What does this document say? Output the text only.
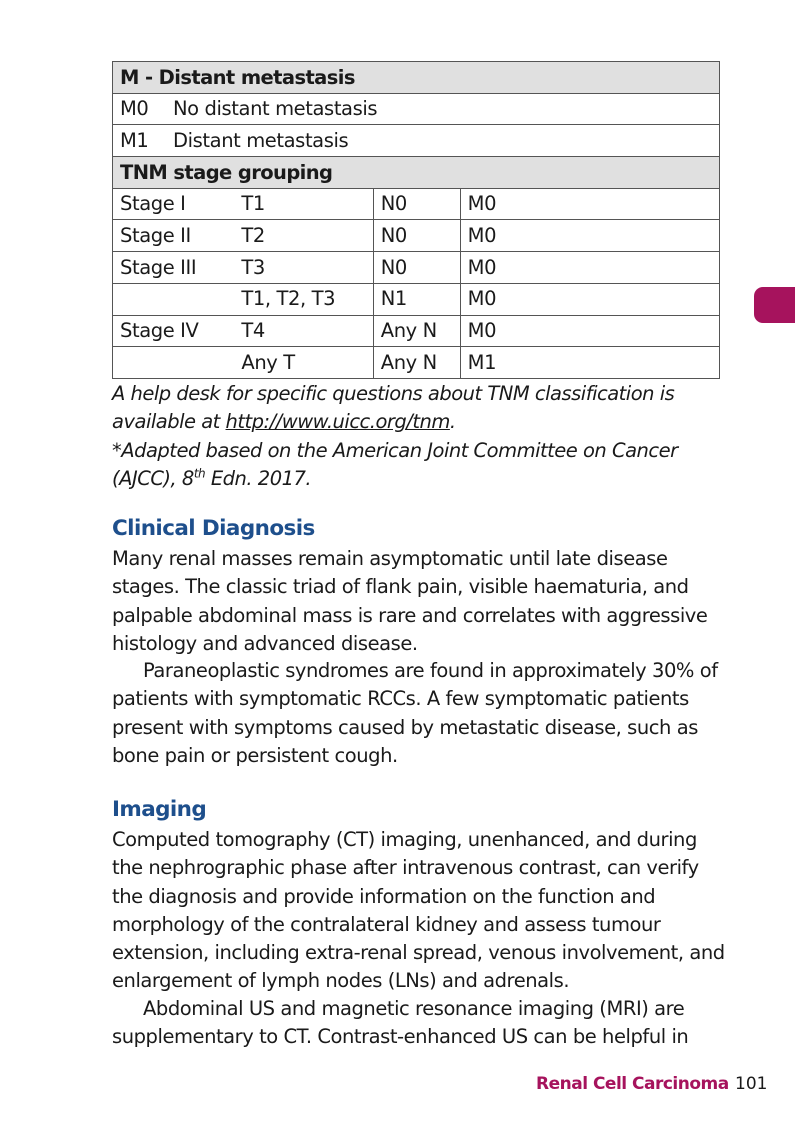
M - Distant metastasis			
M0 No distant metastasis			
M1 Distant metastasis			
TNM stage grouping			
Stage I	T1	N0	M0
Stage II	T2	N0	M0
Stage III	T3	N0	M0
	T1, T2, T3	N1	M0
Stage IV	T4	Any N	M0
	Any T	Any N	M1

A help desk for specific questions about TNM classification is available at http://www.uicc.org/tnm.

*Adapted based on the American Joint Committee on Cancer (AJCC), 8th Edn. 2017.

Clinical Diagnosis

Many renal masses remain asymptomatic until late disease stages. The classic triad of flank pain, visible haematuria, and palpable abdominal mass is rare and correlates with aggressive histology and advanced disease.

Paraneoplastic syndromes are found in approximately 30% of patients with symptomatic RCCs. A few symptomatic patients present with symptoms caused by metastatic disease, such as bone pain or persistent cough.

Imaging

Computed tomography (CT) imaging, unenhanced, and during the nephrographic phase after intravenous contrast, can verify the diagnosis and provide information on the function and morphology of the contralateral kidney and assess tumour extension, including extra-renal spread, venous involvement, and enlargement of lymph nodes (LNs) and adrenals.

Abdominal US and magnetic resonance imaging (MRI) are supplementary to CT. Contrast-enhanced US can be helpful in

Renal Cell Carcinoma 101
